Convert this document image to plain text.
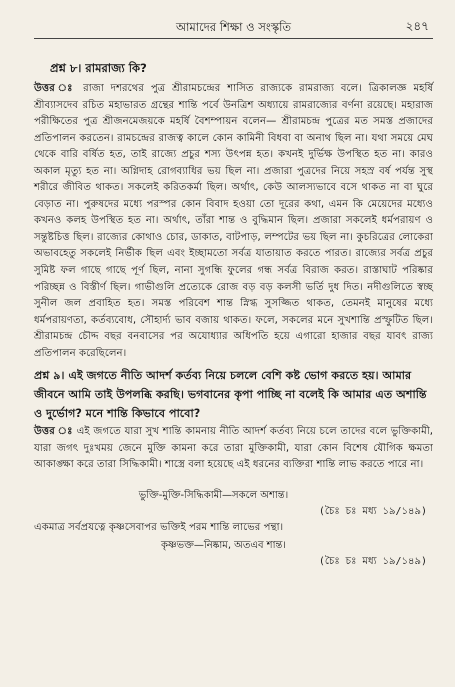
আমাদের শিক্ষা ও সংস্কৃতি	২৪৭

প্রশ্ন ৮। রামরাজ্য কি?

উত্তর ঃ রাজা দশরথের পুত্র শ্রীরামচন্দ্রের শাসিত রাজ্যকে রামরাজ্য বলে। ত্রিকালজ্ঞ মহর্ষি শ্রীব্যাসদেব রচিত মহাভারত গ্রন্থের শান্তি পর্বে উনত্রিশ অধ্যায়ে রামরাজ্যের বর্ণনা রয়েছে। মহারাজ পরীক্ষিতের পুত্র শ্রীজনমেজয়কে মহর্ষি বৈশম্পায়ন বলেন— শ্রীরামচন্দ্র পুত্রের মত সমস্ত প্রজাদের প্রতিপালন করতেন। রামচন্দ্রের রাজত্ব কালে কোন কামিনী বিধবা বা অনাথ ছিল না। যথা সময়ে মেঘ থেকে বারি বর্ষিত হত, তাই রাজ্যে প্রচুর শস্য উৎপন্ন হত। কখনই দুর্ভিক্ষ উপস্থিত হত না। কারও অকাল মৃত্যু হত না। অগ্নিদাহ রোগব্যাধির ভয় ছিল না। প্রজারা পুত্রদের নিয়ে সহস্র বর্ষ পর্যন্ত সুস্থ শরীরে জীবিত থাকত। সকলেই করিতকর্মা ছিল। অর্থাৎ, কেউ আলস্যভাবে বসে থাকত না বা ঘুরে বেড়াত না। পুরুষদের মধ্যে পরস্পর কোন বিবাদ হওয়া তো দূরের কথা, এমন কি মেয়েদের মধ্যেও কখনও কলহ উপস্থিত হত না। অর্থাৎ, তাঁরা শান্ত ও বুদ্ধিমান ছিল। প্রজারা সকলেই ধর্মপরায়ণ ও সন্তুষ্টচিত্ত ছিল। রাজ্যের কোথাও চোর, ডাকাত, বাটপাড়, লম্পটের ভয় ছিল না। কুচরিত্রের লোকেরা অভাবহেতু সকলেই নির্ভীক ছিল এবং ইচ্ছামতো সর্বত্র যাতায়াত করতে পারত। রাজ্যের সর্বত্র প্রচুর সুমিষ্ট ফল গাছে গাছে পূর্ণ ছিল, নানা সুগন্ধি ফুলের গন্ধ সর্বত্র বিরাজ করত। রাস্তাঘাট পরিষ্কার পরিচ্ছন্ন ও বিস্তীর্ণ ছিল। গাভীগুলি প্রত্যেকে রোজ বড় বড় কলসী ভর্তি দুধ দিত। নদীগুলিতে স্বচ্ছ সুনীল জল প্রবাহিত হত। সমস্ত পরিবেশ শান্ত স্নিগ্ধ সুসজ্জিত থাকত, তেমনই মানুষের মধ্যে ধর্মপরায়ণতা, কর্তব্যবোধ, সৌহার্দ্য ভাব বজায় থাকত। ফলে, সকলের মনে সুখশান্তি প্রস্ফুটিত ছিল। শ্রীরামচন্দ্র চৌদ্দ বছর বনবাসের পর অযোধ্যার অধিপতি হয়ে এগারো হাজার বছর যাবৎ রাজ্য প্রতিপালন করেছিলেন।

প্রশ্ন ৯। এই জগতে নীতি আদর্শ কর্তব্য নিয়ে চললে বেশি কষ্ট ভোগ করতে হয়। আমার জীবনে আমি তাই উপলব্ধি করছি। ভগবানের কৃপা পাচ্ছি না বলেই কি আমার এত অশান্তি ও দুর্ভোগ? মনে শান্তি কিভাবে পাবো?

উত্তর ঃ এই জগতে যারা সুখ শান্তি কামনায় নীতি আদর্শ কর্তব্য নিয়ে চলে তাদের বলে ভুক্তিকামী, যারা জগৎ দুঃখময় জেনে মুক্তি কামনা করে তারা মুক্তিকামী, যারা কোন বিশেষ যৌগিক ক্ষমতা আকাঙ্ক্ষা করে তারা সিদ্ধিকামী। শাস্ত্রে বলা হয়েছে এই ধরনের ব্যক্তিরা শান্তি লাভ করতে পারে না।

ভুক্তি-মুক্তি-সিদ্ধিকামী—সকলে অশান্ত।

(চৈঃ চঃ মধ্য ১৯/১৪৯)

একমাত্র সর্বপ্রযত্নে কৃষ্ণসেবাপর ভক্তিই পরম শান্তি লাভের পন্থা।

কৃষ্ণভক্ত—নিষ্কাম, অতএব শান্ত।

(চৈঃ চঃ মধ্য ১৯/১৪৯)
